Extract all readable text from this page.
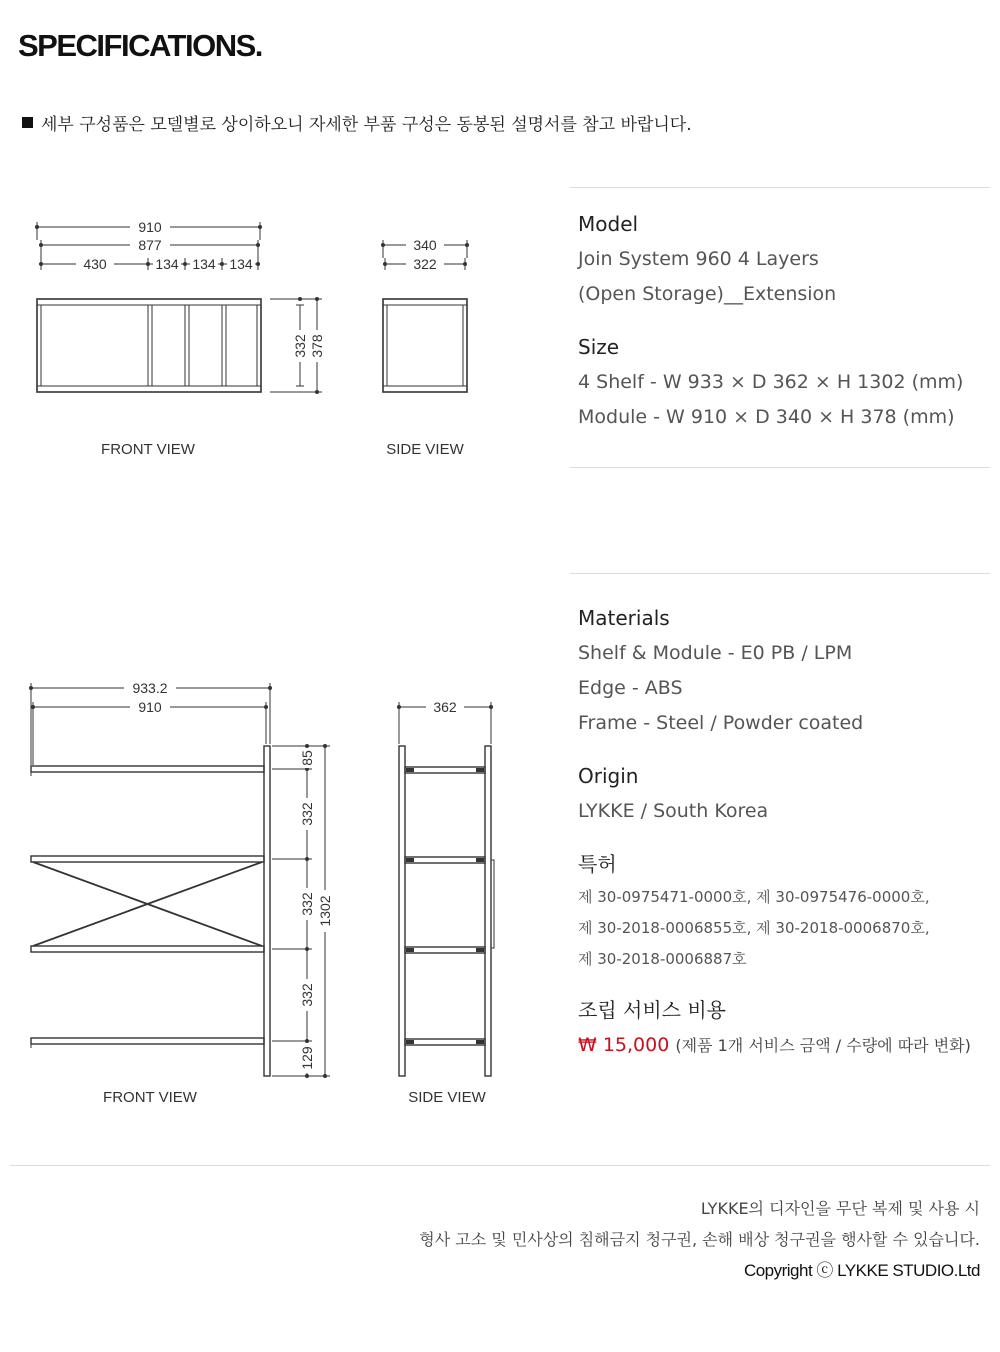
SPECIFICATIONS.
세부 구성품은 모델별로 상이하오니 자세한 부품 구성은 동봉된 설명서를 참고 바랍니다.
910
877
430	134 134 134
332 378
340
322
FRONT VIEW	SIDE VIEW
933.2
910
85
332
332
332
129
1302
362
FRONT VIEW	SIDE VIEW
Model
Join System 960 4 Layers
(Open Storage)__Extension
Size
4 Shelf - W 933 × D 362 × H 1302 (mm)
Module - W 910 × D 340 × H 378 (mm)
Materials
Shelf & Module - E0 PB / LPM
Edge - ABS
Frame - Steel / Powder coated
Origin
LYKKE / South Korea
특허
제 30-0975471-0000호, 제 30-0975476-0000호,
제 30-2018-0006855호, 제 30-2018-0006870호,
제 30-2018-0006887호
조립 서비스 비용
₩ 15,000 (제품 1개 서비스 금액 / 수량에 따라 변화)
LYKKE의 디자인을 무단 복제 및 사용 시
형사 고소 및 민사상의 침해금지 청구권, 손해 배상 청구권을 행사할 수 있습니다.
Copyright ⓒ LYKKE STUDIO.Ltd
